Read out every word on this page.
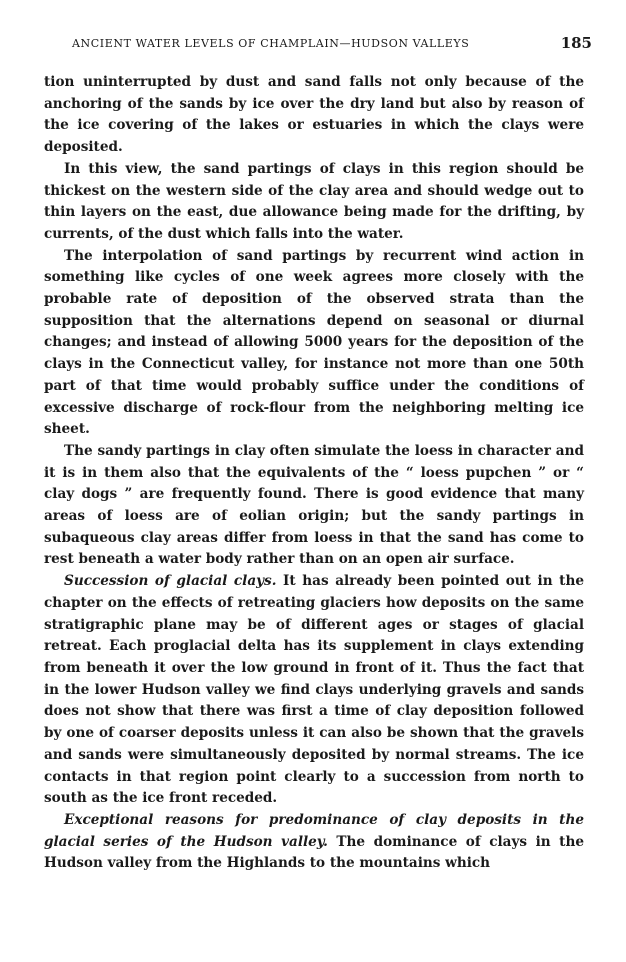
ANCIENT WATER LEVELS OF CHAMPLAIN—HUDSON VALLEYS	185

tion uninterrupted by dust and sand falls not only because of the anchoring of the sands by ice over the dry land but also by reason of the ice covering of the lakes or estuaries in which the clays were deposited.

In this view, the sand partings of clays in this region should be thickest on the western side of the clay area and should wedge out to thin layers on the east, due allowance being made for the drifting, by currents, of the dust which falls into the water.

The interpolation of sand partings by recurrent wind action in something like cycles of one week agrees more closely with the probable rate of deposition of the observed strata than the supposition that the alternations depend on seasonal or diurnal changes; and instead of allowing 5000 years for the deposition of the clays in the Connecticut valley, for instance not more than one 50th part of that time would probably suffice under the conditions of excessive discharge of rock-flour from the neighboring melting ice sheet.

The sandy partings in clay often simulate the loess in character and it is in them also that the equivalents of the “ loess pupchen ” or “ clay dogs ” are frequently found. There is good evidence that many areas of loess are of eolian origin; but the sandy partings in subaqueous clay areas differ from loess in that the sand has come to rest beneath a water body rather than on an open air surface.

Succession of glacial clays. It has already been pointed out in the chapter on the effects of retreating glaciers how deposits on the same stratigraphic plane may be of different ages or stages of glacial retreat. Each proglacial delta has its supplement in clays extending from beneath it over the low ground in front of it. Thus the fact that in the lower Hudson valley we find clays underlying gravels and sands does not show that there was first a time of clay deposition followed by one of coarser deposits unless it can also be shown that the gravels and sands were simultaneously deposited by normal streams. The ice contacts in that region point clearly to a succession from north to south as the ice front receded.

Exceptional reasons for predominance of clay deposits in the glacial series of the Hudson valley. The dominance of clays in the Hudson valley from the Highlands to the mountains which
